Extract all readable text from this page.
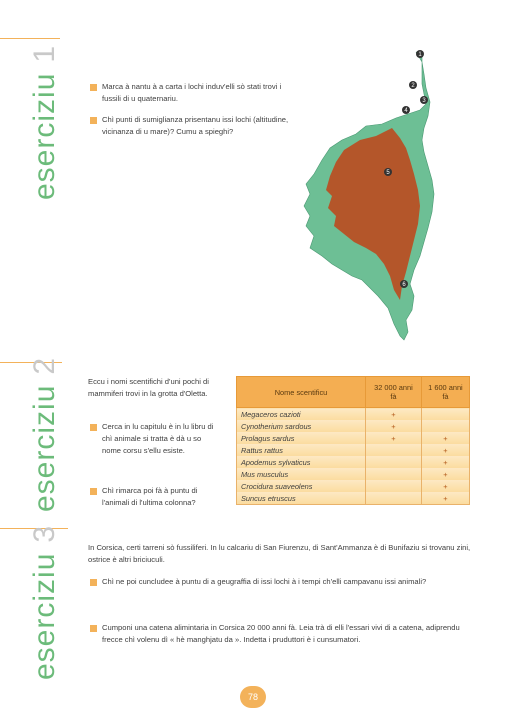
eserciziu1
Marca à nantu à a carta i lochi induv'elli sò stati trovi i fussili di u quaternariu.
Chì punti di sumiglianza prisentanu issi lochi (altitudine, vicinanza di u mare)? Cumu a spieghi?
1
2
3
4
5
6
eserciziu2
Eccu i nomi scentifichi d'uni pochi di mammiferi trovi in la grotta d'Oletta.
Cerca in lu capitulu è in lu libru di chì animale si tratta è dà u so nome corsu s'ellu esiste.
Chì rimarca poi fà à puntu di l'animali di l'ultima colonna?
Nome scentificu	32 000 anni fà	1 600 anni fà
Megaceros cazioti	+	
Cynotherium sardous	+	
Prolagus sardus	+	+
Rattus rattus		+
Apodemus sylvaticus		+
Mus musculus		+
Crocidura suaveolens		+
Suncus etruscus		+
eserciziu3
In Corsica, certi tarreni sò fussiliferi. In lu calcariu di San Fiurenzu, di Sant'Ammanza è di Bunifaziu si trovanu zini, ostrice è altri briciuculi.
Chì ne poi cuncludee à puntu di a geugraffia di issi lochi à i tempi ch'elli campavanu issi animali?
Cumponi una catena alimintaria in Corsica 20 000 anni fà. Leia trà di elli l'essari vivi di a catena, adiprendu frecce chì volenu dì « hè manghjatu da ». Indetta i pruduttori è i cunsumatori.
78
